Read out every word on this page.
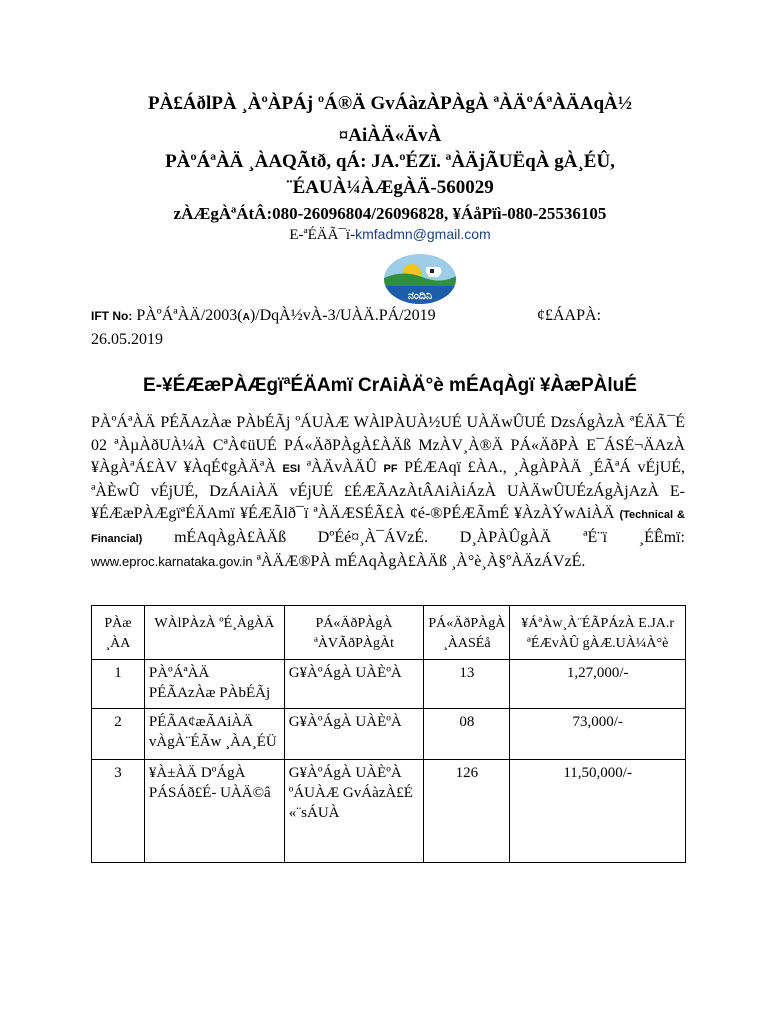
PÀ£ÁðlPÀ ¸ÀºÀPÁj ºÁ®Ä GvÁàzÀPÀgÀ ªÀÄºÁªÀÄAqÀ½
¤AiÀÄ«ÄvÀ
PÀºÁªÀÄ ¸ÀAQÃtð, qÁ: JA.ºÉZï. ªÀÄjÃUËqÀ gÀ¸ÉÛ,
¨ÉAUÀ¼ÀÆgÀÄ-560029
zÀÆgÀªÁtÂ:080-26096804/26096828, ¥ÁåPïì-080-25536105
E-ªÉÄÃ¯ï-kmfadmn@gmail.com
ನಂದಿನಿ
IFT No: PÀºÁªÀÄ/2003(A)/DqÀ½vÀ-3/UÀÄ.PÁ/2019	¢£ÁAPÀ:
26.05.2019
E-¥ÉÆæPÀÆgïªÉÄAmï CrAiÀÄ°è mÉAqÀgï ¥ÀæPÀluÉ

PÀºÁªÀÄ PÉÃAzÀæ PÀbÉÃj ºÁUÀÆ WÀlPÀUÀ½UÉ UÀÄwÛUÉ DzsÁgÀzÀ ªÉÄÃ¯É 02 ªÀµÀðUÀ¼À CªÀ¢üUÉ PÁ«ÄðPÀgÀ£ÀÄß MzÀV¸À®Ä PÁ«ÄðPÀ E¯ÁSÉ¬ÄAzÀ ¥ÀgÀªÁ£ÀV ¥ÀqÉ¢gÀÄªÀ ESI ªÀÄvÀÄÛ PF PÉÆAqï £ÀA., ¸ÀgÀPÀÄ ¸ÉÃªÁ vÉjUÉ, ªÀÈwÛ vÉjUÉ, DzÁAiÀÄ vÉjUÉ £ÉÆÃAzÀtÂAiÀiÁzÀ UÀÄwÛUÉzÁgÀjAzÀ E-¥ÉÆæPÀÆgïªÉÄAmï ¥ÉÆÃlð¯ï ªÀÄÆSÉÃ£À ¢é-®PÉÆÃmÉ ¥ÀzÀÝwAiÀÄ (Technical & Financial) mÉAqÀgÀ£ÀÄß DºÉé¤¸À¯ÁVzÉ. D¸ÀPÀÛgÀÄ ªÉ¨ï ¸ÉÊmï: www.eproc.karnataka.gov.in ªÀÄÆ®PÀ mÉAqÀgÀ£ÀÄß ¸À°è¸À§ºÀÄzÁVzÉ.

PÀæ ¸ÀA	WÀlPÀzÀ ºÉ¸ÀgÀÄ	PÁ«ÄðPÀgÀ ªÀVÃðPÀgÀt	PÁ«ÄðPÀgÀ ¸ÀASÉå	¥ÁªÀw¸À¨ÉÃPÁzÀ E.JA.r ªÉÆvÀÛ gÀÆ.UÀ¼À°è
1	PÀºÁªÀÄ PÉÃAzÀæ PÀbÉÃj	G¥ÀºÁgÀ UÀÈºÀ	13	1,27,000/-
2	PÉÃA¢æÃAiÀÄ vÀgÀ¨ÉÃw ¸ÀA¸ÉÜ	G¥ÀºÁgÀ UÀÈºÀ	08	73,000/-
3	¥À±ÀÄ DºÁgÀ PÁSÁð£É- UÀÄ©â	G¥ÀºÁgÀ UÀÈºÀ ºÁUÀÆ GvÁàzÀ£É «¨sÁUÀ	126	11,50,000/-
